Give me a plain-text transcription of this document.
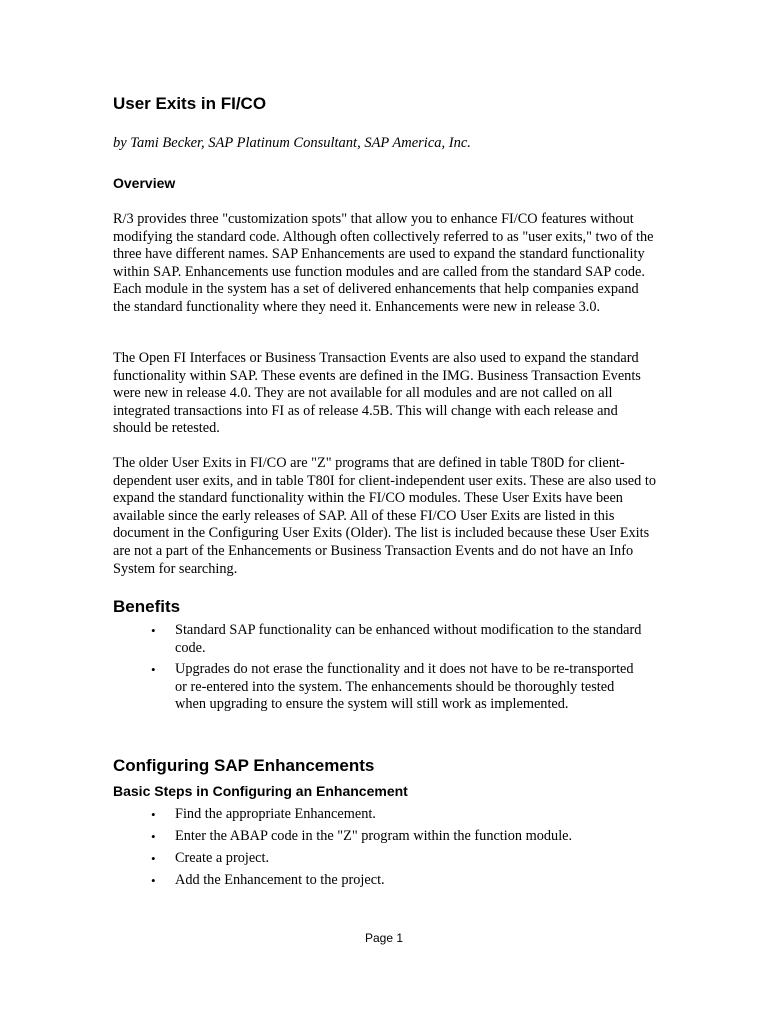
User Exits in FI/CO

by Tami Becker, SAP Platinum Consultant, SAP America, Inc.

Overview

R/3 provides three "customization spots" that allow you to enhance FI/CO features without modifying the standard code. Although often collectively referred to as "user exits," two of the three have different names. SAP Enhancements are used to expand the standard functionality within SAP. Enhancements use function modules and are called from the standard SAP code. Each module in the system has a set of delivered enhancements that help companies expand the standard functionality where they need it. Enhancements were new in release 3.0.

The Open FI Interfaces or Business Transaction Events are also used to expand the standard functionality within SAP. These events are defined in the IMG. Business Transaction Events were new in release 4.0. They are not available for all modules and are not called on all integrated transactions into FI as of release 4.5B. This will change with each release and should be retested.

The older User Exits in FI/CO are "Z" programs that are defined in table T80D for client-dependent user exits, and in table T80I for client-independent user exits. These are also used to expand the standard functionality within the FI/CO modules. These User Exits have been available since the early releases of SAP. All of these FI/CO User Exits are listed in this document in the Configuring User Exits (Older). The list is included because these User Exits are not a part of the Enhancements or Business Transaction Events and do not have an Info System for searching.

Benefits
• Standard SAP functionality can be enhanced without modification to the standard code.
• Upgrades do not erase the functionality and it does not have to be re-transported or re-entered into the system. The enhancements should be thoroughly tested when upgrading to ensure the system will still work as implemented.
Configuring SAP Enhancements
Basic Steps in Configuring an Enhancement
• Find the appropriate Enhancement.
• Enter the ABAP code in the "Z" program within the function module.
• Create a project.
• Add the Enhancement to the project.
Page 1
